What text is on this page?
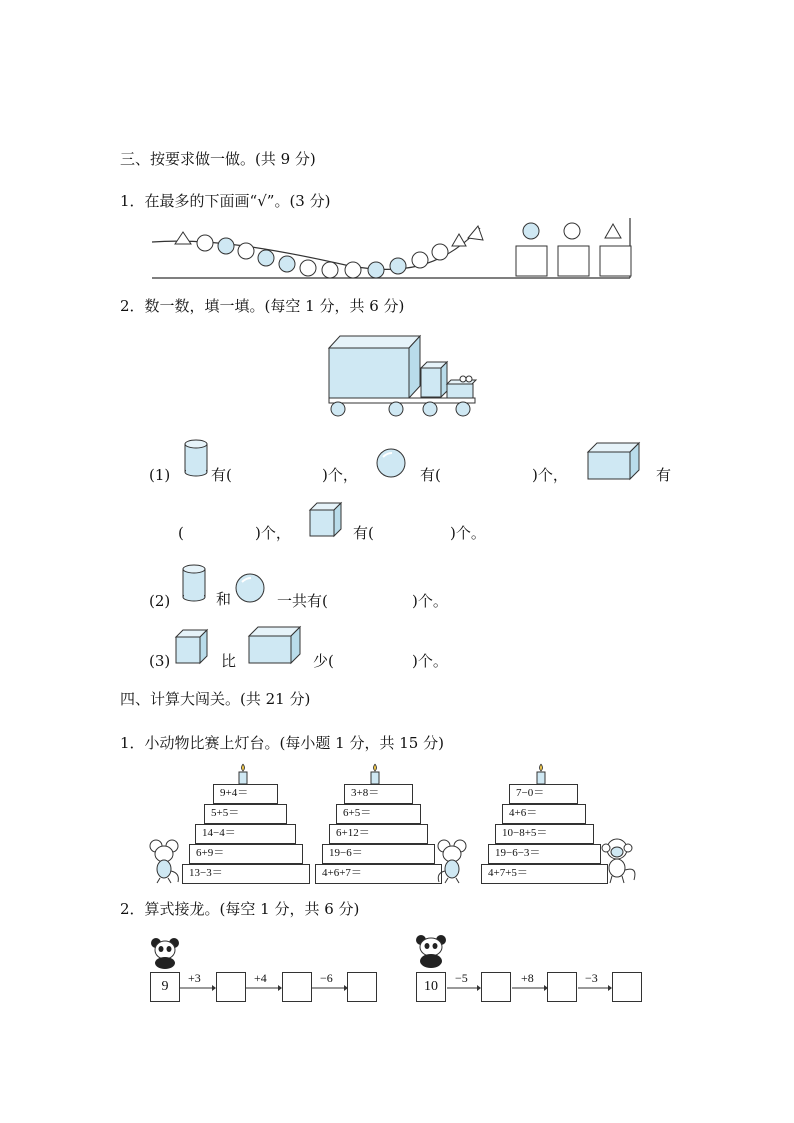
三、按要求做一做。(共 9 分)
1．在最多的下面画“√”。(3 分)
2．数一数，填一填。(每空 1 分，共 6 分)
(1)	有(	)个，	有(	)个，	有
(	)个，	有(	)个。
(2)	和	一共有(	)个。
(3)	比	少(	)个。
四、计算大闯关。(共 21 分)
1．小动物比赛上灯台。(每小题 1 分，共 15 分)
9+4＝
5+5＝
14−4＝
6+9＝
13−3＝
3+8＝
6+5＝
6+12＝
19−6＝
4+6+7＝
7−0＝
4+6＝
10−8+5＝
19−6−3＝
4+7+5＝
2．算式接龙。(每空 1 分，共 6 分)
9
+3	+4	−6
10
−5	+8	−3
